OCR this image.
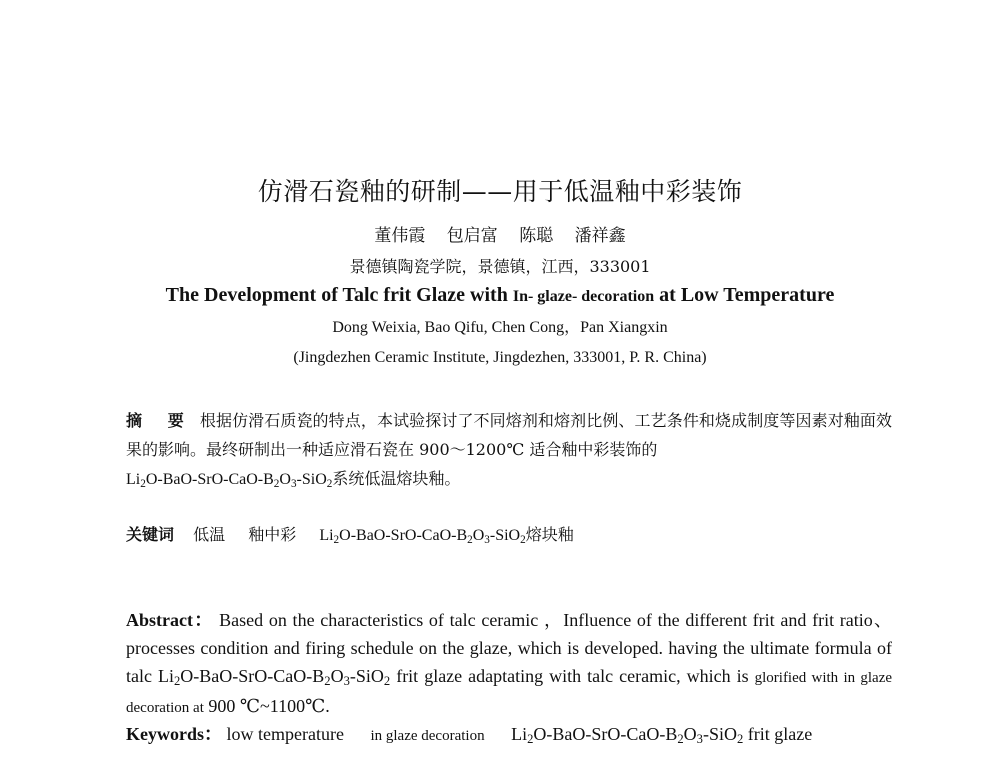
仿滑石瓷釉的研制——用于低温釉中彩装饰
董伟霞 包启富 陈聪 潘祥鑫
景德镇陶瓷学院，景德镇，江西，333001
The Development of Talc frit Glaze with In- glaze- decoration at Low Temperature
Dong Weixia, Bao Qifu, Chen Cong，Pan Xiangxin
(Jingdezhen Ceramic Institute, Jingdezhen, 333001, P. R. China)
摘 要 根据仿滑石质瓷的特点，本试验探讨了不同熔剂和熔剂比例、工艺条件和烧成制度等因素对釉面效果的影响。最终研制出一种适应滑石瓷在 900～1200℃ 适合釉中彩装饰的
$Li_2O-BaO-SrO-CaO-B_2O_3-SiO_2$系统低温熔块釉。
关键词 低温 釉中彩 $Li_2O-BaO-SrO-CaO-B_2O_3-SiO_2$熔块釉
Abstract： Based on the characteristics of talc ceramic ，Influence of the different frit and frit ratio、processes condition and firing schedule on the glaze, which is developed. having the ultimate formula of talc $Li_2O-BaO-SrO-CaO-B_2O_3-SiO_2$ frit glaze adaptating with talc ceramic, which is glorified with in glaze decoration at 900 ℃~1100℃.
Keywords： low temperature in glaze decoration $Li_2O-BaO-SrO-CaO-B_2O_3-SiO_2$ frit glaze
